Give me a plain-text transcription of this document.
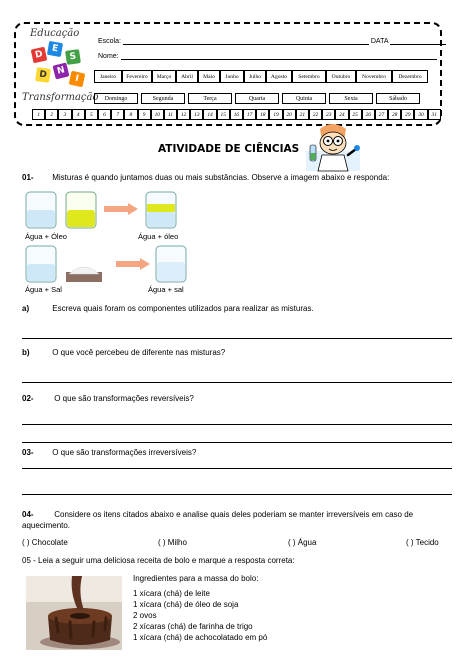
Educação
D
E
S
D N
I
Transformação
Escola:	DATA
Nome:
Janeiro	Fevereiro	Março	Abril	Maio	Junho	Julho	Agosto	Setembro	Outubro	Novembro	Dezembro
Domingo	Segunda	Terça	Quarta	Quinta	Sexta	Sábado
1	2	3	4	5	6	7	8	9	10	11	12	13	14	15	16	17	18	19	20	21	22	23	24	25	26	27	28	29	30	31
ATIVIDADE DE CIÊNCIAS
01- Misturas é quando juntamos duas ou mais substâncias. Observe a imagem abaixo e responda:
Água + Óleo	Água + óleo
Água + Sal	Água + sal
a)	Escreva quais foram os componentes utilizados para realizar as misturas.
b)	O que você percebeu de diferente nas misturas?
02-	O que são transformações reversíveis?
03- O que são transformações irreversíveis?
04-	Considere os itens citados abaixo e analise quais deles poderiam se manter irreversíveis em caso de
aquecimento.
( ) Chocolate	( ) Milho	( ) Água	( ) Tecido
05 - Leia a seguir uma deliciosa receita de bolo e marque a resposta correta:
Ingredientes para a massa do bolo:
1 xícara (chá) de leite
1 xícara (chá) de óleo de soja
2 ovos
2 xícaras (chá) de farinha de trigo
1 xícara (chá) de achocolatado em pó
